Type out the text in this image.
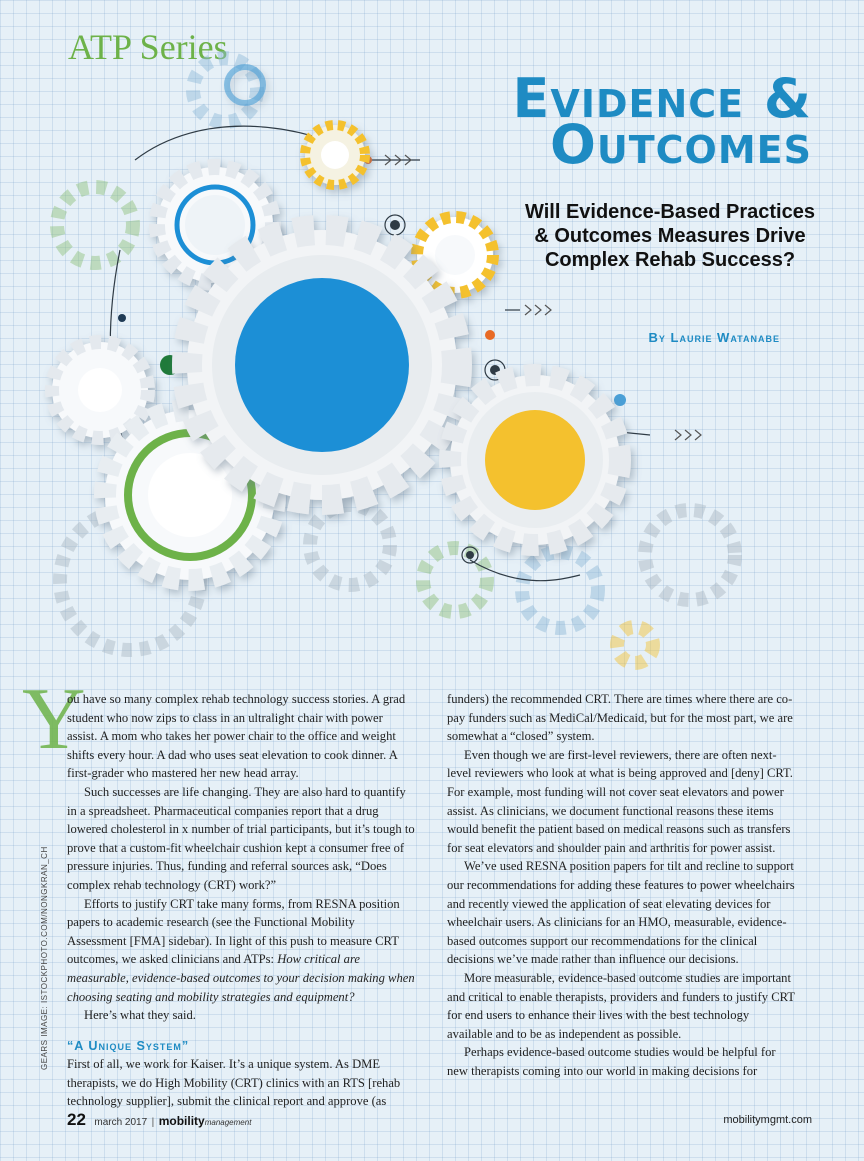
ATP Series
Evidence &
Outcomes
Will Evidence-Based Practices & Outcomes Measures Drive Complex Rehab Success?
By Laurie Watanabe
Y

ou have so many complex rehab technology success stories. A grad student who now zips to class in an ultralight chair with power assist. A mom who takes her power chair to the office and weight shifts every hour. A dad who uses seat elevation to cook dinner. A first-grader who mastered her new head array.

Such successes are life changing. They are also hard to quantify in a spreadsheet. Pharmaceutical companies report that a drug lowered cholesterol in x number of trial participants, but it’s tough to prove that a custom-fit wheelchair cushion kept a consumer free of pressure injuries. Thus, funding and referral sources ask, “Does complex rehab technology (CRT) work?”

Efforts to justify CRT take many forms, from RESNA position papers to academic research (see the Functional Mobility Assessment [FMA] sidebar). In light of this push to measure CRT outcomes, we asked clinicians and ATPs: How critical are measurable, evidence-based outcomes to your decision making when choosing seating and mobility strategies and equipment?

Here’s what they said.

“A Unique System”

First of all, we work for Kaiser. It’s a unique system. As DME therapists, we do High Mobility (CRT) clinics with an RTS [rehab technology supplier], submit the clinical report and approve (as

funders) the recommended CRT. There are times where there are co-pay funders such as MediCal/Medicaid, but for the most part, we are somewhat a “closed” system.

Even though we are first-level reviewers, there are often next-level reviewers who look at what is being approved and [deny] CRT. For example, most funding will not cover seat elevators and power assist. As clinicians, we document functional reasons these items would benefit the patient based on medical reasons such as transfers for seat elevators and shoulder pain and arthritis for power assist.

We’ve used RESNA position papers for tilt and recline to support our recommendations for adding these features to power wheelchairs and recently viewed the application of seat elevating devices for wheelchair users. As clinicians for an HMO, measurable, evidence-based outcomes support our recommendations for the clinical decisions we’ve made rather than influence our decisions.

More measurable, evidence-based outcome studies are important and critical to enable therapists, providers and funders to justify CRT for end users to enhance their lives with the best technology available and to be as independent as possible.

Perhaps evidence-based outcome studies would be helpful for new therapists coming into our world in making decisions for

GEARS IMAGE: ISTOCKPHOTO.COM/NONGKRAN_CH
22 march 2017 | mobilitymanagement	mobilitymgmt.com
